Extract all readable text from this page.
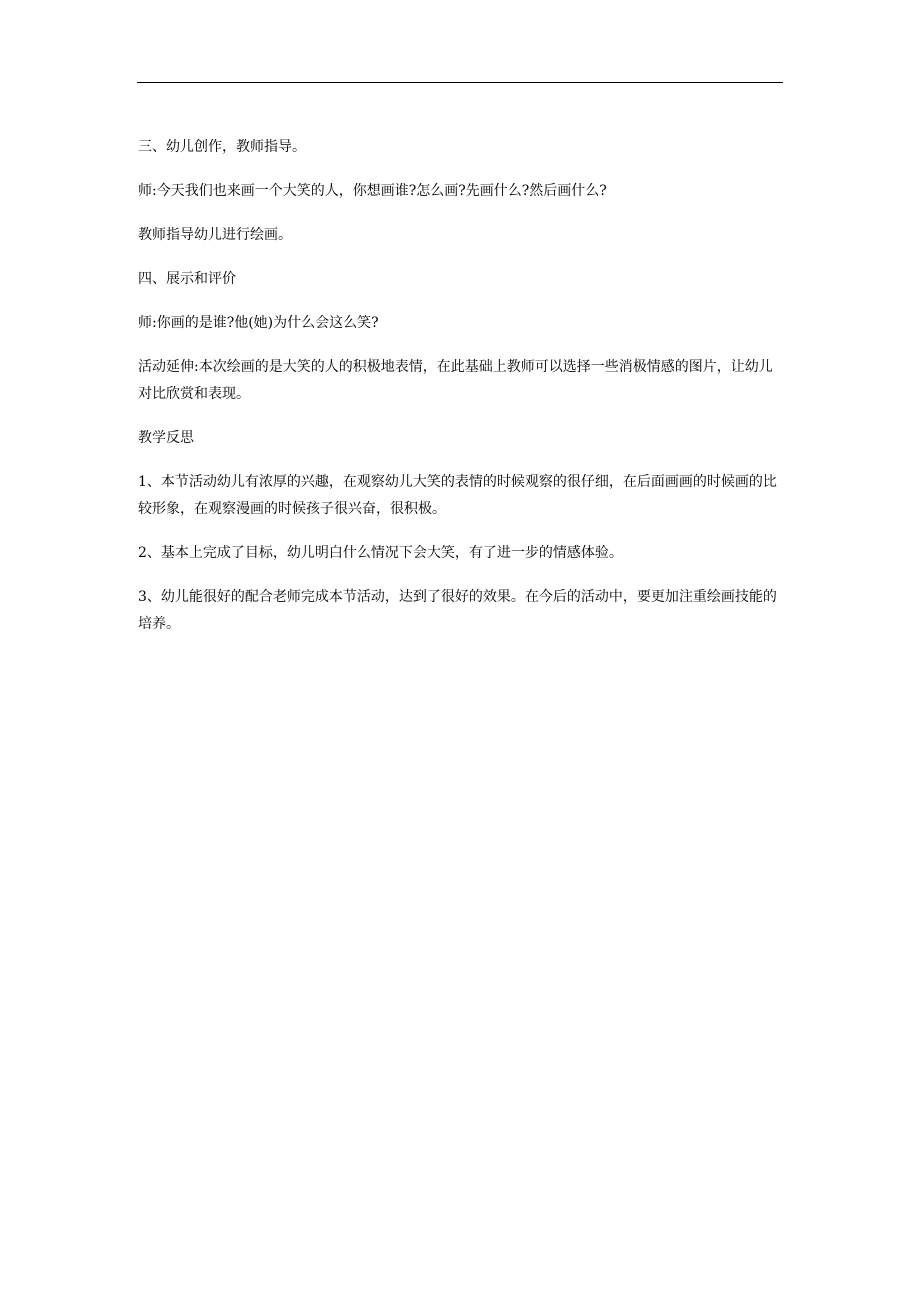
三、幼儿创作，教师指导。

师:今天我们也来画一个大笑的人，你想画谁?怎么画?先画什么?然后画什么?

教师指导幼儿进行绘画。

四、展示和评价

师:你画的是谁?他(她)为什么会这么笑?

活动延伸:本次绘画的是大笑的人的积极地表情，在此基础上教师可以选择一些消极情感的图片，让幼儿对比欣赏和表现。

教学反思

1、本节活动幼儿有浓厚的兴趣，在观察幼儿大笑的表情的时候观察的很仔细，在后面画画的时候画的比较形象，在观察漫画的时候孩子很兴奋，很积极。

2、基本上完成了目标，幼儿明白什么情况下会大笑，有了进一步的情感体验。

3、幼儿能很好的配合老师完成本节活动，达到了很好的效果。在今后的活动中，要更加注重绘画技能的培养。
